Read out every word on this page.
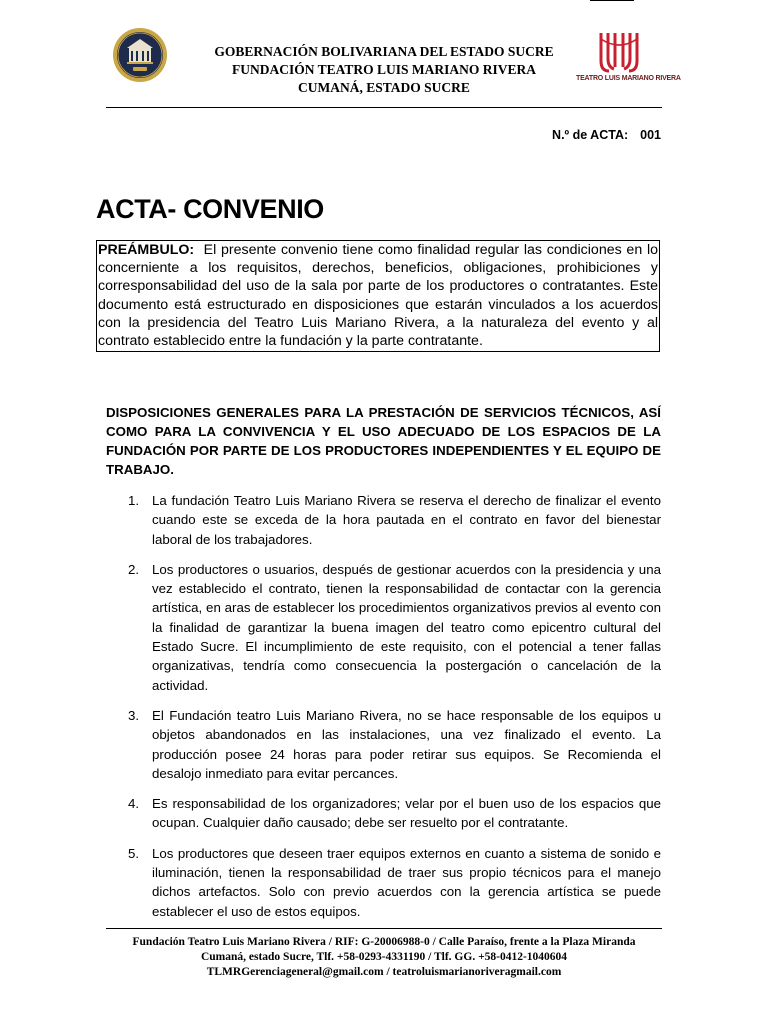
GOBERNACIÓN BOLIVARIANA DEL ESTADO SUCRE
FUNDACIÓN TEATRO LUIS MARIANO RIVERA
CUMANÁ, ESTADO SUCRE
TEATRO LUIS MARIANO RIVERA
N.º de ACTA: 001
ACTA- CONVENIO
PREÁMBULO: El presente convenio tiene como finalidad regular las condiciones en lo concerniente a los requisitos, derechos, beneficios, obligaciones, prohibiciones y corresponsabilidad del uso de la sala por parte de los productores o contratantes. Este documento está estructurado en disposiciones que estarán vinculados a los acuerdos con la presidencia del Teatro Luis Mariano Rivera, a la naturaleza del evento y al contrato establecido entre la fundación y la parte contratante.
DISPOSICIONES GENERALES PARA LA PRESTACIÓN DE SERVICIOS TÉCNICOS, ASÍ COMO PARA LA CONVIVENCIA Y EL USO ADECUADO DE LOS ESPACIOS DE LA FUNDACIÓN POR PARTE DE LOS PRODUCTORES INDEPENDIENTES Y EL EQUIPO DE TRABAJO.
1. La fundación Teatro Luis Mariano Rivera se reserva el derecho de finalizar el evento cuando este se exceda de la hora pautada en el contrato en favor del bienestar laboral de los trabajadores.
2. Los productores o usuarios, después de gestionar acuerdos con la presidencia y una vez establecido el contrato, tienen la responsabilidad de contactar con la gerencia artística, en aras de establecer los procedimientos organizativos previos al evento con la finalidad de garantizar la buena imagen del teatro como epicentro cultural del Estado Sucre. El incumplimiento de este requisito, con el potencial a tener fallas organizativas, tendría como consecuencia la postergación o cancelación de la actividad.
3. El Fundación teatro Luis Mariano Rivera, no se hace responsable de los equipos u objetos abandonados en las instalaciones, una vez finalizado el evento. La producción posee 24 horas para poder retirar sus equipos. Se Recomienda el desalojo inmediato para evitar percances.
4. Es responsabilidad de los organizadores; velar por el buen uso de los espacios que ocupan. Cualquier daño causado; debe ser resuelto por el contratante.
5. Los productores que deseen traer equipos externos en cuanto a sistema de sonido e iluminación, tienen la responsabilidad de traer sus propio técnicos para el manejo dichos artefactos. Solo con previo acuerdos con la gerencia artística se puede establecer el uso de estos equipos.
Fundación Teatro Luis Mariano Rivera / RIF: G-20006988-0 / Calle Paraíso, frente a la Plaza Miranda
Cumaná, estado Sucre, Tlf. +58-0293-4331190 / Tlf. GG. +58-0412-1040604
TLMRGerenciageneral@gmail.com / teatroluismarianoriveragmail.com
